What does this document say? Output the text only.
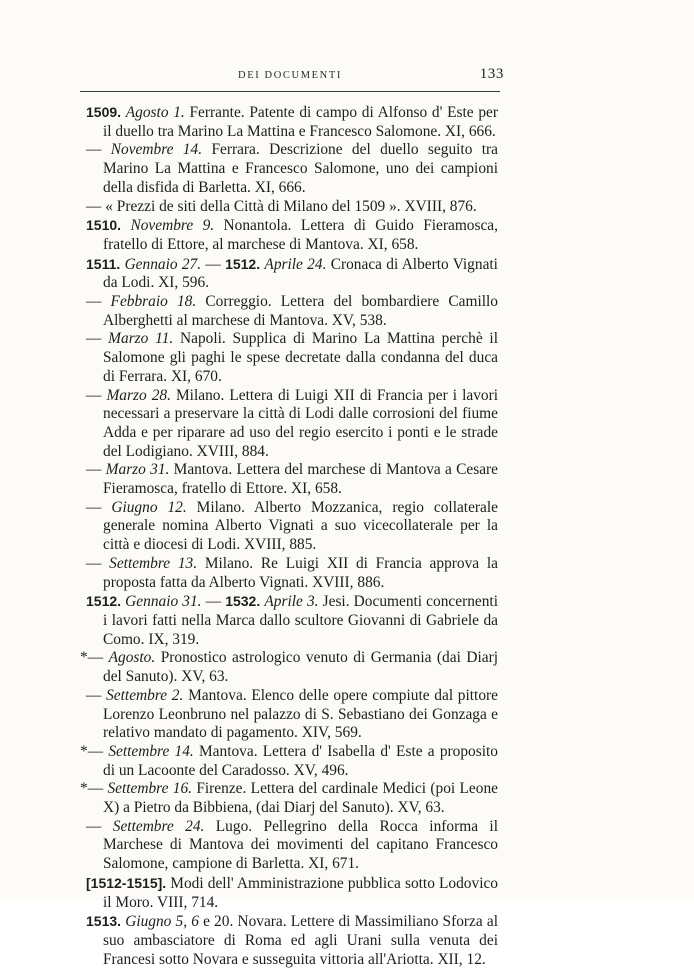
DEI DOCUMENTI	133

1509. Agosto 1. Ferrante. Patente di campo di Alfonso d' Este per il duello tra Marino La Mattina e Francesco Salomone. XI, 666.

— Novembre 14. Ferrara. Descrizione del duello seguito tra Marino La Mattina e Francesco Salomone, uno dei campioni della disfida di Barletta. XI, 666.

— « Prezzi de siti della Città di Milano del 1509 ». XVIII, 876.

1510. Novembre 9. Nonantola. Lettera di Guido Fieramosca, fratello di Ettore, al marchese di Mantova. XI, 658.

1511. Gennaio 27. — 1512. Aprile 24. Cronaca di Alberto Vignati da Lodi. XI, 596.

— Febbraio 18. Correggio. Lettera del bombardiere Camillo Alberghetti al marchese di Mantova. XV, 538.

— Marzo 11. Napoli. Supplica di Marino La Mattina perchè il Salomone gli paghi le spese decretate dalla condanna del duca di Ferrara. XI, 670.

— Marzo 28. Milano. Lettera di Luigi XII di Francia per i lavori necessari a preservare la città di Lodi dalle corrosioni del fiume Adda e per riparare ad uso del regio esercito i ponti e le strade del Lodigiano. XVIII, 884.

— Marzo 31. Mantova. Lettera del marchese di Mantova a Cesare Fieramosca, fratello di Ettore. XI, 658.

— Giugno 12. Milano. Alberto Mozzanica, regio collaterale generale nomina Alberto Vignati a suo vicecollaterale per la città e diocesi di Lodi. XVIII, 885.

— Settembre 13. Milano. Re Luigi XII di Francia approva la proposta fatta da Alberto Vignati. XVIII, 886.

1512. Gennaio 31. — 1532. Aprile 3. Jesi. Documenti concernenti i lavori fatti nella Marca dallo scultore Giovanni di Gabriele da Como. IX, 319.

*— Agosto. Pronostico astrologico venuto di Germania (dai Diarj del Sanuto). XV, 63.

— Settembre 2. Mantova. Elenco delle opere compiute dal pittore Lorenzo Leonbruno nel palazzo di S. Sebastiano dei Gonzaga e relativo mandato di pagamento. XIV, 569.

*— Settembre 14. Mantova. Lettera d' Isabella d' Este a proposito di un Lacoonte del Caradosso. XV, 496.

*— Settembre 16. Firenze. Lettera del cardinale Medici (poi Leone X) a Pietro da Bibbiena, (dai Diarj del Sanuto). XV, 63.

— Settembre 24. Lugo. Pellegrino della Rocca informa il Marchese di Mantova dei movimenti del capitano Francesco Salomone, campione di Barletta. XI, 671.

[1512-1515]. Modi dell' Amministrazione pubblica sotto Lodovico il Moro. VIII, 714.

1513. Giugno 5, 6 e 20. Novara. Lettere di Massimiliano Sforza al suo ambasciatore di Roma ed agli Urani sulla venuta dei Francesi sotto Novara e susseguita vittoria all'Ariotta. XII, 12.
